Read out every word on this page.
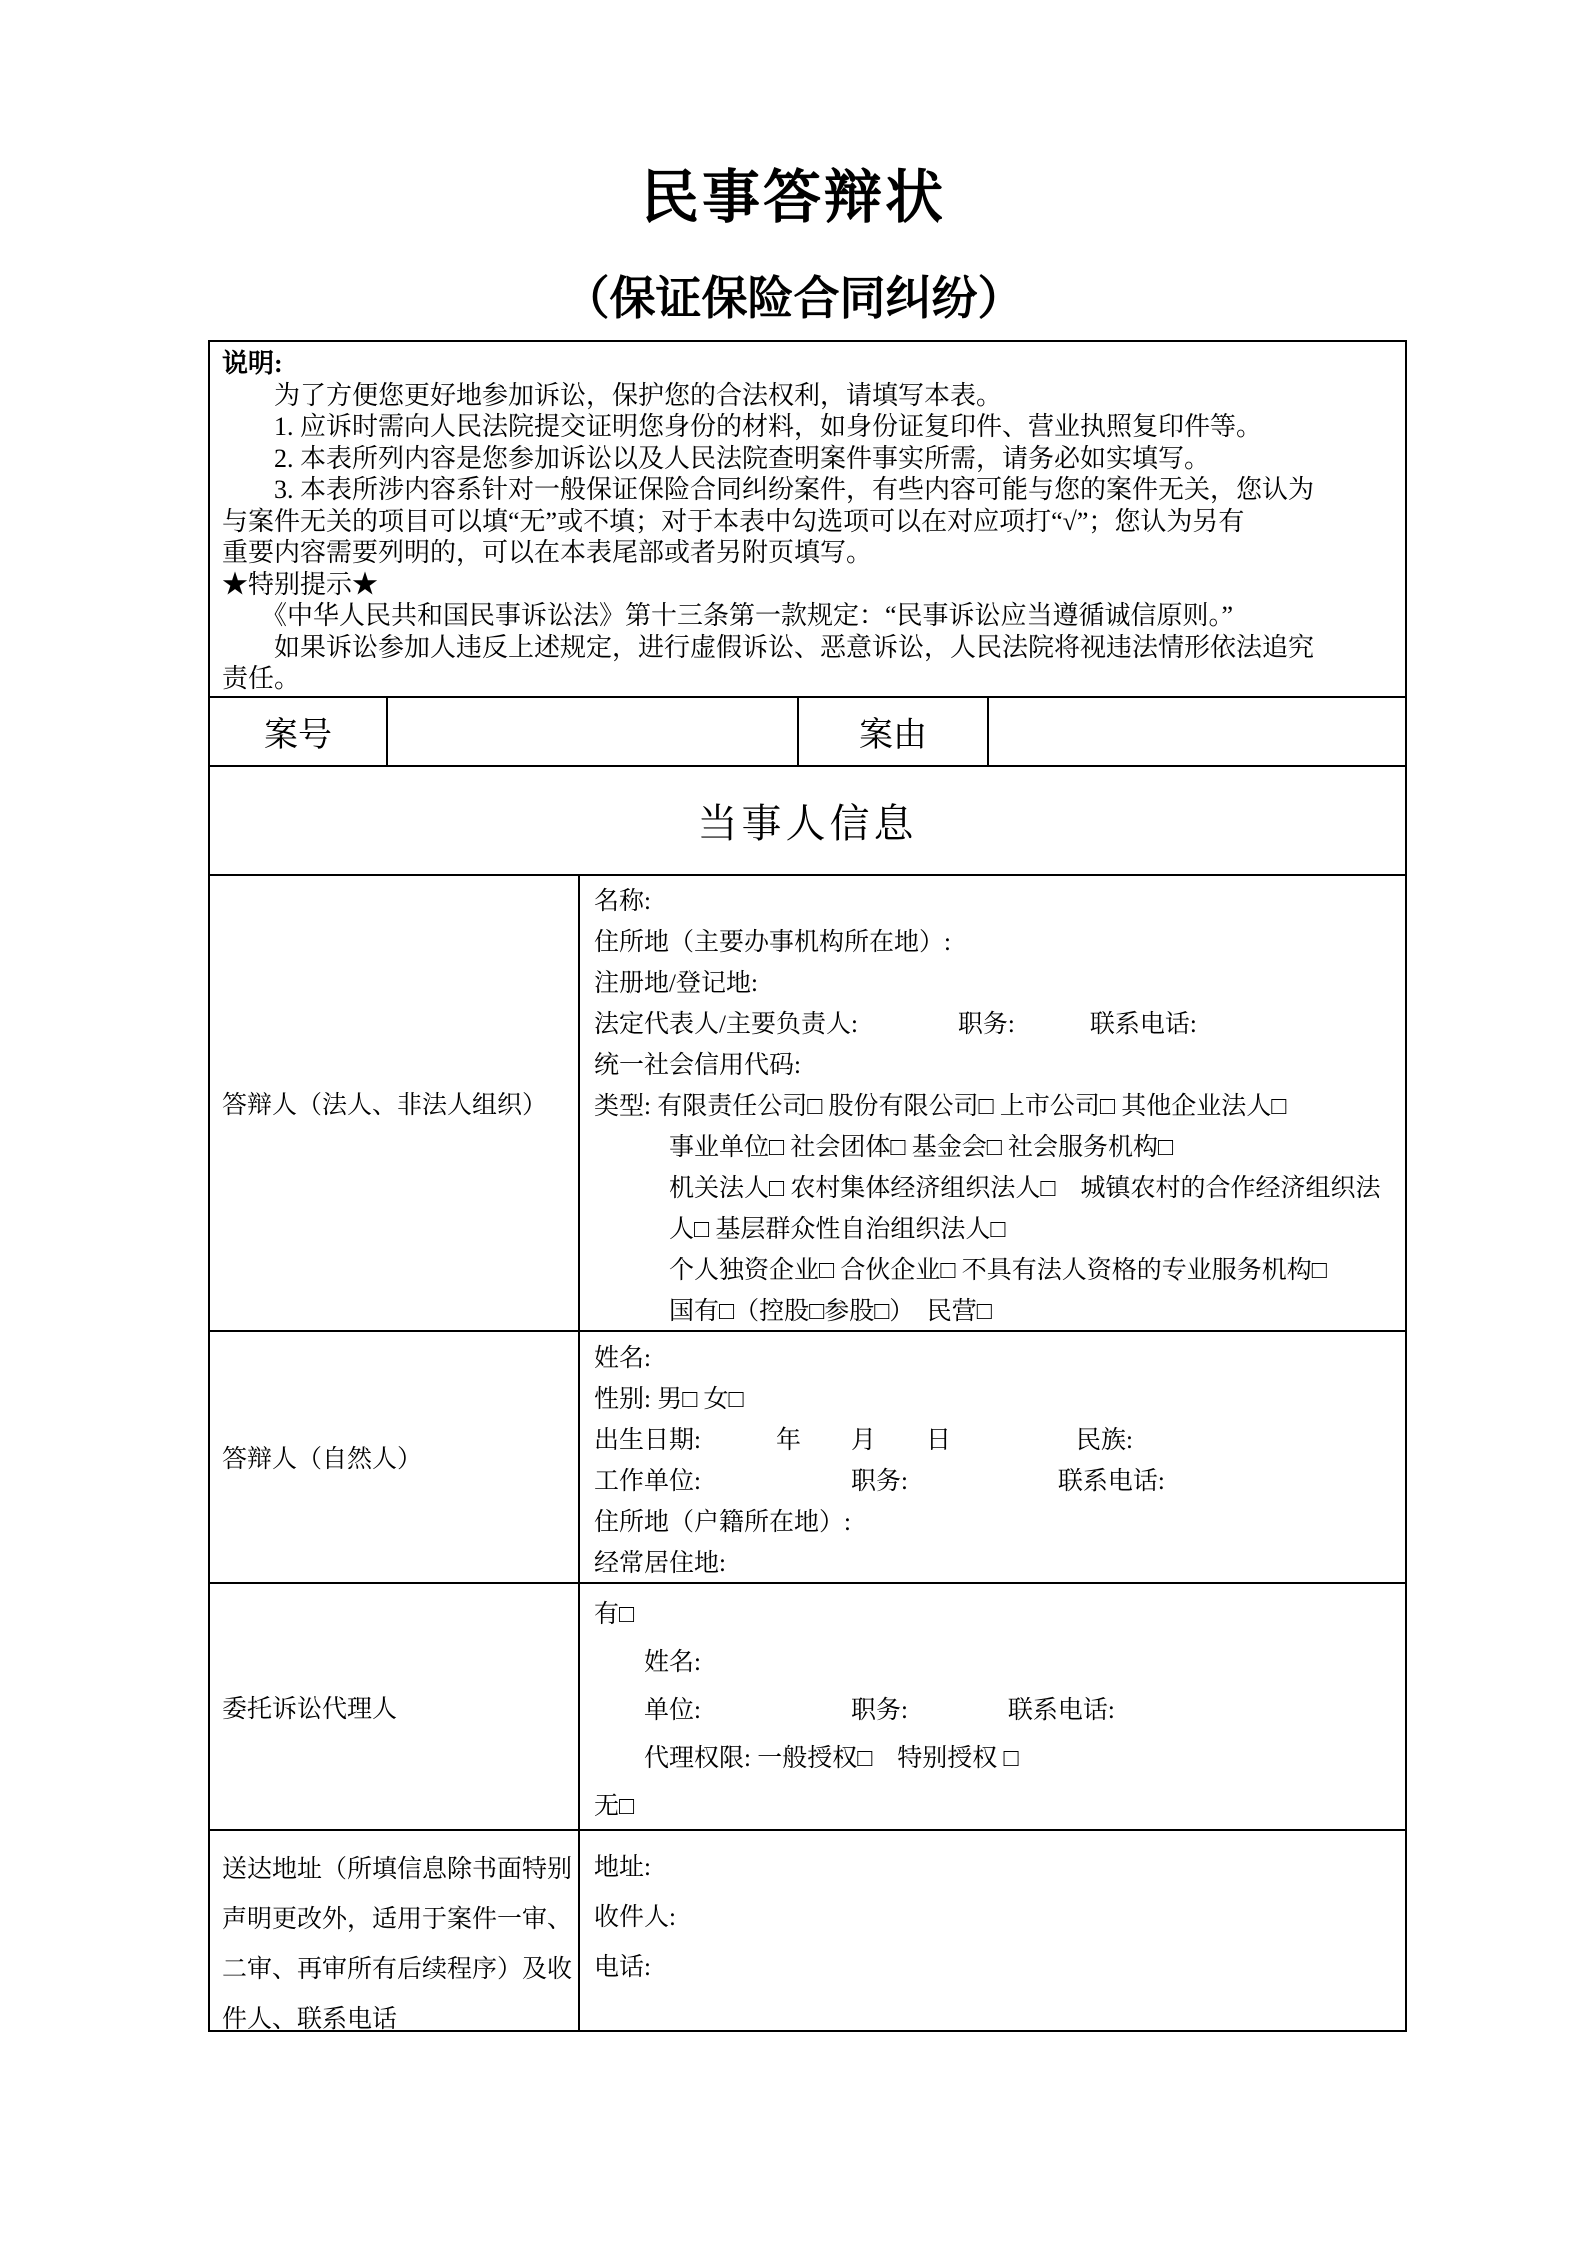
民事答辩状
（保证保险合同纠纷）
说明:
　　为了方便您更好地参加诉讼，保护您的合法权利，请填写本表。
　　1. 应诉时需向人民法院提交证明您身份的材料，如身份证复印件、营业执照复印件等。
　　2. 本表所列内容是您参加诉讼以及人民法院查明案件事实所需，请务必如实填写。
　　3. 本表所涉内容系针对一般保证保险合同纠纷案件，有些内容可能与您的案件无关，您认为
与案件无关的项目可以填“无”或不填；对于本表中勾选项可以在对应项打“√”；您认为另有
重要内容需要列明的，可以在本表尾部或者另附页填写。
★特别提示★
　　《中华人民共和国民事诉讼法》第十三条第一款规定：“民事诉讼应当遵循诚信原则。”
　　如果诉讼参加人违反上述规定，进行虚假诉讼、恶意诉讼，人民法院将视违法情形依法追究
责任。
案号	案由
当事人信息
答辩人（法人、非法人组织）
名称:
住所地（主要办事机构所在地）:
注册地/登记地:
法定代表人/主要负责人:　　　　职务:　　　联系电话:
统一社会信用代码:
类型: 有限责任公司□ 股份有限公司□ 上市公司□ 其他企业法人□
　　　事业单位□ 社会团体□ 基金会□ 社会服务机构□
　　　机关法人□ 农村集体经济组织法人□　城镇农村的合作经济组织法
　　　人□ 基层群众性自治组织法人□
　　　个人独资企业□ 合伙企业□ 不具有法人资格的专业服务机构□
　　　国有□（控股□参股□）　民营□
答辩人（自然人）
姓名:
性别: 男□ 女□
出生日期:　　　年　　月　　日　　　　　民族:
工作单位:　　　　　　职务:　　　　　　联系电话:
住所地（户籍所在地）:
经常居住地:
委托诉讼代理人
有□
　　姓名:
　　单位:　　　　　　职务:　　　　联系电话:
　　代理权限: 一般授权□　特别授权 □
无□
送达地址（所填信息除书面特别
声明更改外，适用于案件一审、
二审、再审所有后续程序）及收
件人、联系电话
地址:
收件人:
电话:
